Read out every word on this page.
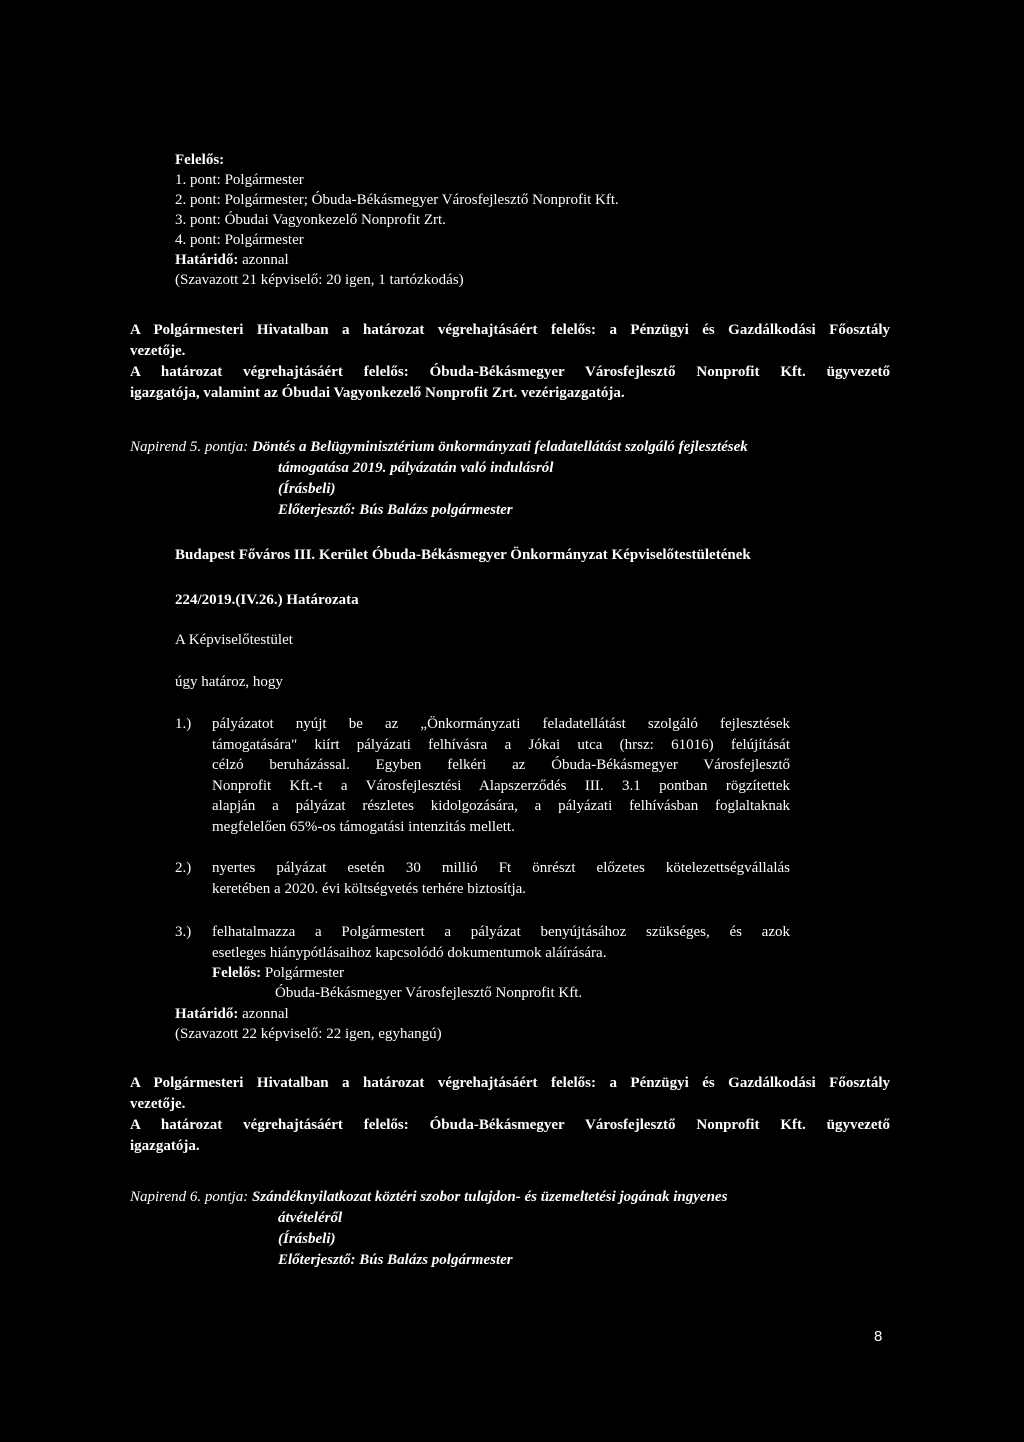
Felelős:
1. pont: Polgármester
2. pont: Polgármester; Óbuda-Békásmegyer Városfejlesztő Nonprofit Kft.
3. pont: Óbudai Vagyonkezelő Nonprofit Zrt.
4. pont: Polgármester
Határidő: azonnal
(Szavazott 21 képviselő: 20 igen, 1 tartózkodás)
A Polgármesteri Hivatalban a határozat végrehajtásáért felelős: a Pénzügyi és Gazdálkodási Főosztály
vezetője.
A határozat végrehajtásáért felelős: Óbuda-Békásmegyer Városfejlesztő Nonprofit Kft. ügyvezető
igazgatója, valamint az Óbudai Vagyonkezelő Nonprofit Zrt. vezérigazgatója.
Napirend 5. pontja: Döntés a Belügyminisztérium önkormányzati feladatellátást szolgáló fejlesztések
támogatása 2019. pályázatán való indulásról
(Írásbeli)
Előterjesztő: Bús Balázs polgármester
Budapest Főváros III. Kerület Óbuda-Békásmegyer Önkormányzat Képviselőtestületének
224/2019.(IV.26.) Határozata
A Képviselőtestület
úgy határoz, hogy
1.) pályázatot nyújt be az „Önkormányzati feladatellátást szolgáló fejlesztések
támogatására" kiírt pályázati felhívásra a Jókai utca (hrsz: 61016) felújítását
célzó beruházással. Egyben felkéri az Óbuda-Békásmegyer Városfejlesztő
Nonprofit Kft.-t a Városfejlesztési Alapszerződés III. 3.1 pontban rögzítettek
alapján a pályázat részletes kidolgozására, a pályázati felhívásban foglaltaknak
megfelelően 65%-os támogatási intenzitás mellett.
2.) nyertes pályázat esetén 30 millió Ft önrészt előzetes kötelezettségvállalás
keretében a 2020. évi költségvetés terhére biztosítja.
3.) felhatalmazza a Polgármestert a pályázat benyújtásához szükséges, és azok
esetleges hiánypótlásaihoz kapcsolódó dokumentumok aláírására.
Felelős: Polgármester
Óbuda-Békásmegyer Városfejlesztő Nonprofit Kft.
Határidő: azonnal
(Szavazott 22 képviselő: 22 igen, egyhangú)
A Polgármesteri Hivatalban a határozat végrehajtásáért felelős: a Pénzügyi és Gazdálkodási Főosztály
vezetője.
A határozat végrehajtásáért felelős: Óbuda-Békásmegyer Városfejlesztő Nonprofit Kft. ügyvezető
igazgatója.
Napirend 6. pontja: Szándéknyilatkozat köztéri szobor tulajdon- és üzemeltetési jogának ingyenes
átvételéről
(Írásbeli)
Előterjesztő: Bús Balázs polgármester
8
